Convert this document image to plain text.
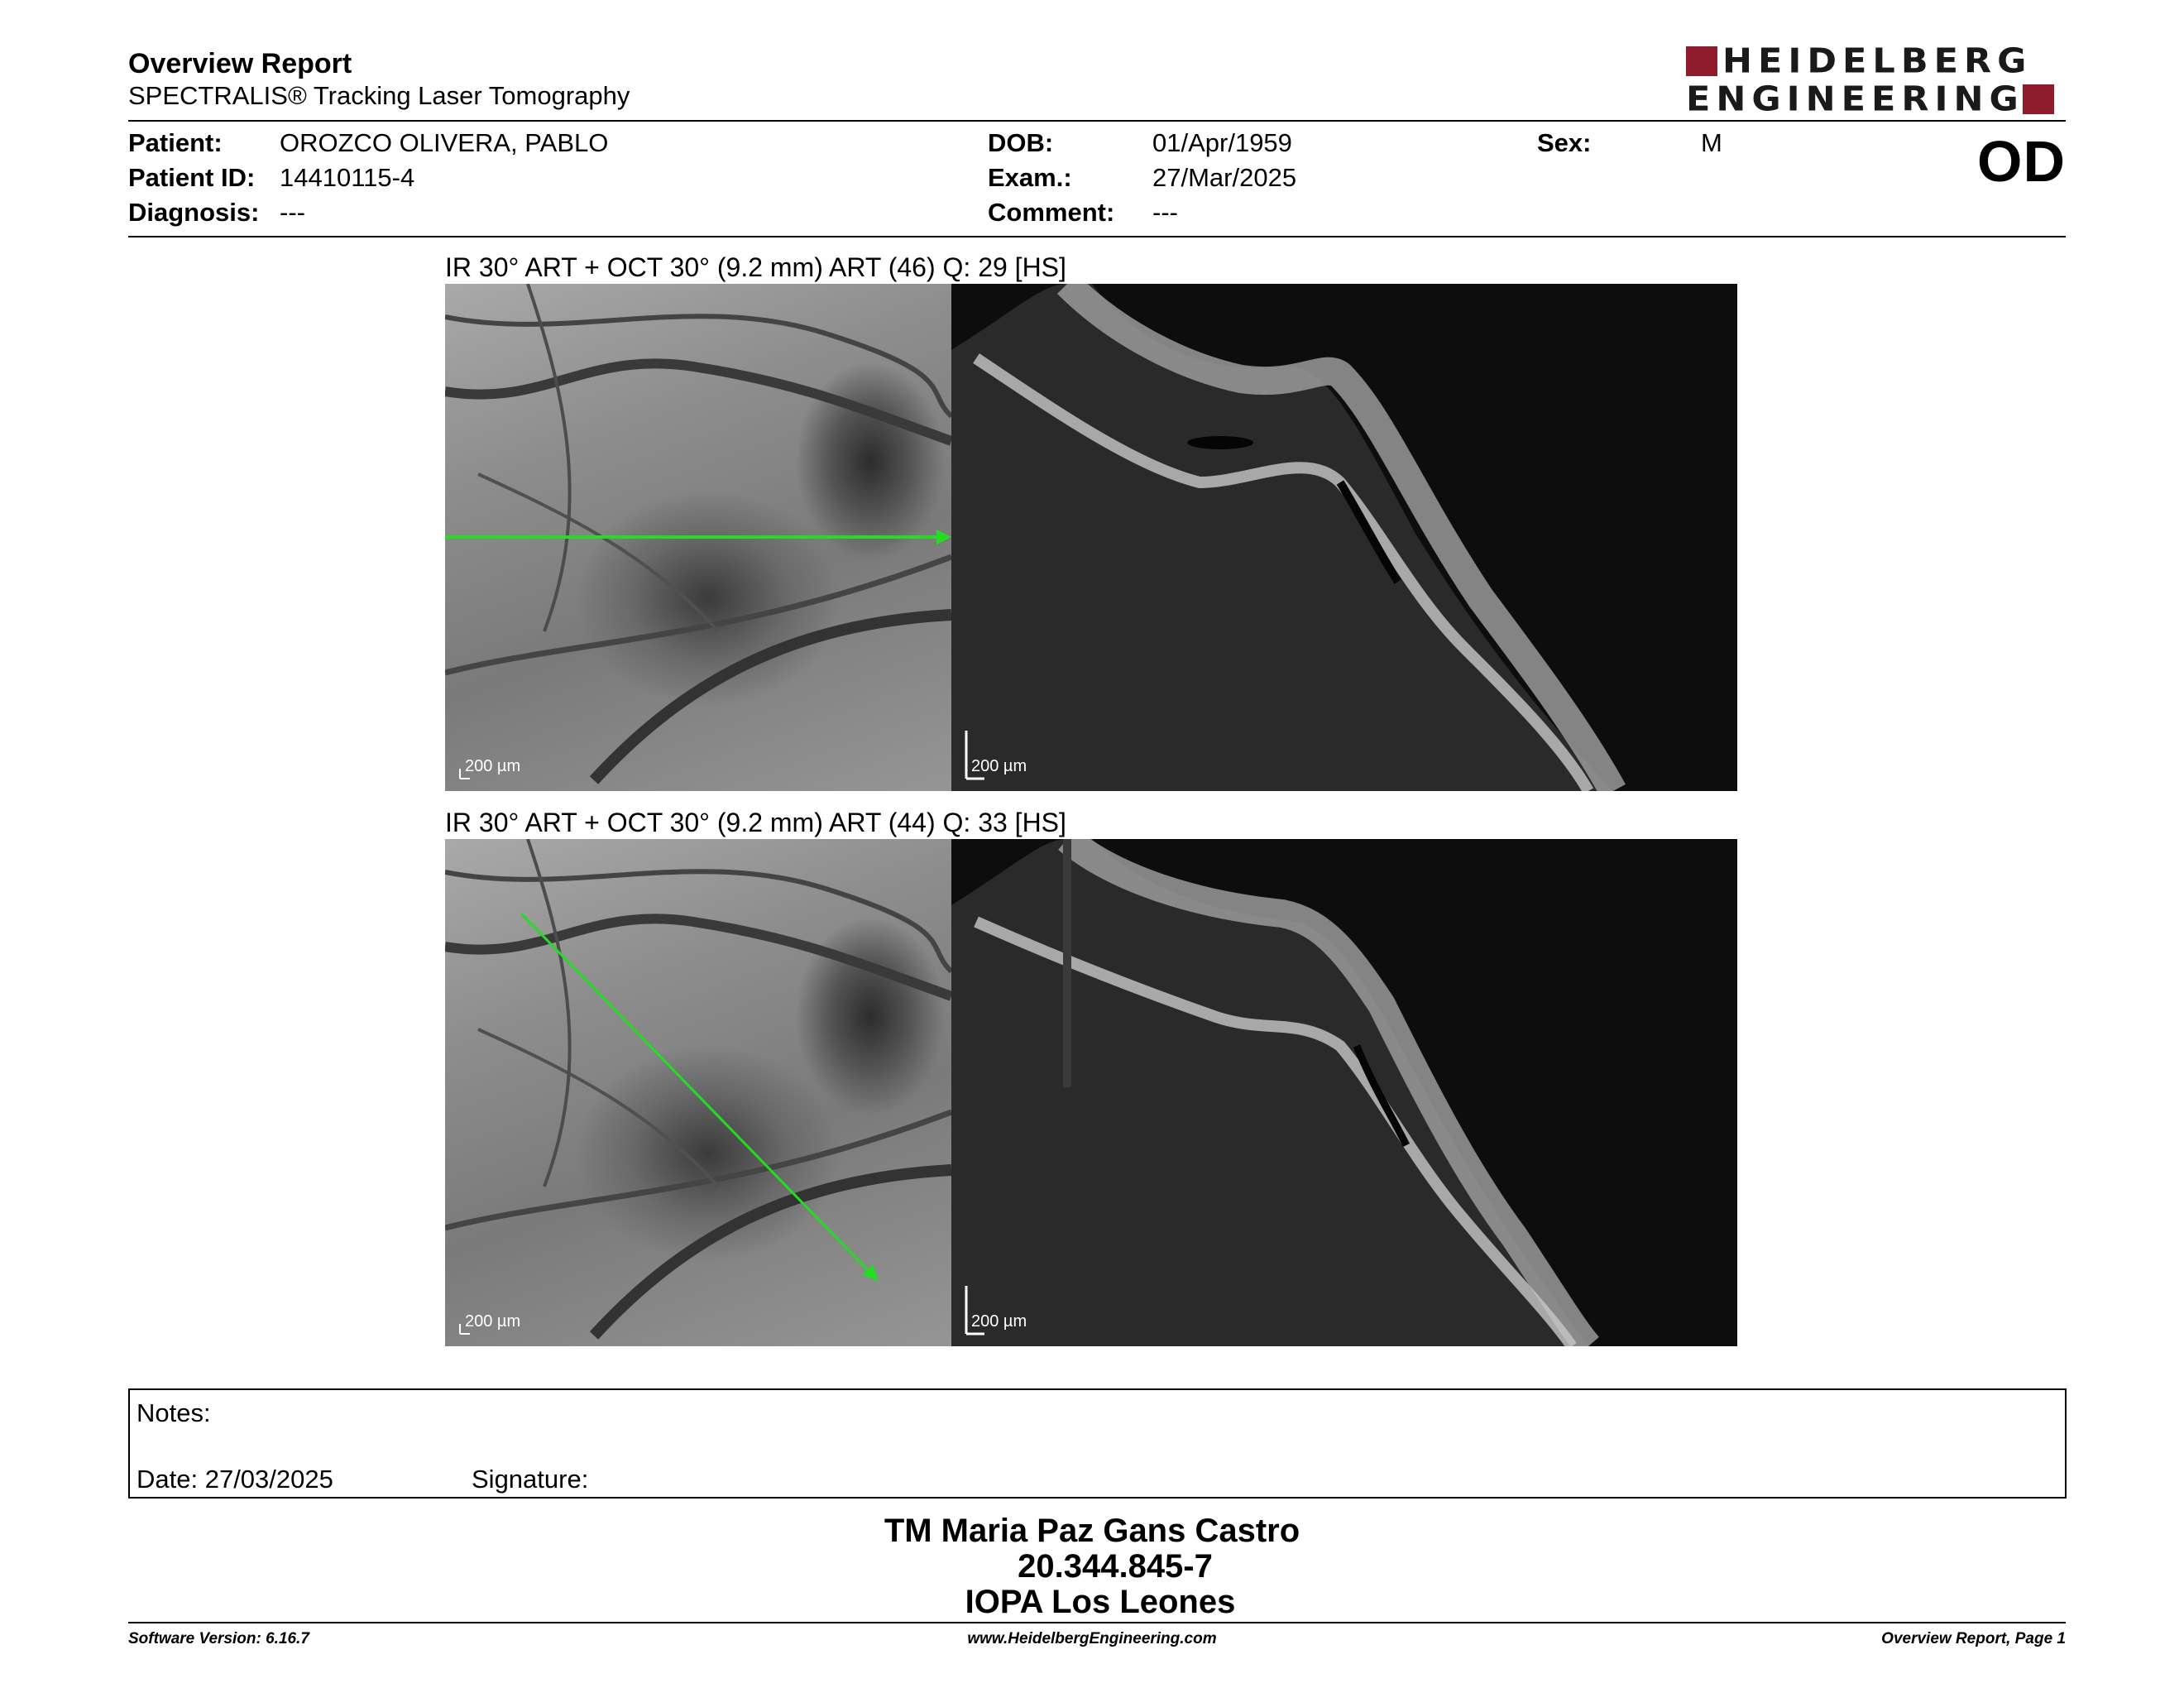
Overview Report
SPECTRALIS® Tracking Laser Tomography
HEIDELBERG
ENGINEERING
Patient: OROZCO OLIVERA, PABLO
Patient ID: 14410115-4
Diagnosis: ---
DOB:	01/Apr/1959
Exam.:	27/Mar/2025
Comment: ---
Sex:	M	OD
IR 30° ART + OCT 30° (9.2 mm) ART (46) Q: 29 [HS]
200 µm	200 µm
IR 30° ART + OCT 30° (9.2 mm) ART (44) Q: 33 [HS]
200 µm	200 µm
Notes:
Date: 27/03/2025	Signature:
TM Maria Paz Gans Castro
20.344.845-7
IOPA Los Leones
Software Version: 6.16.7	www.HeidelbergEngineering.com	Overview Report, Page 1
